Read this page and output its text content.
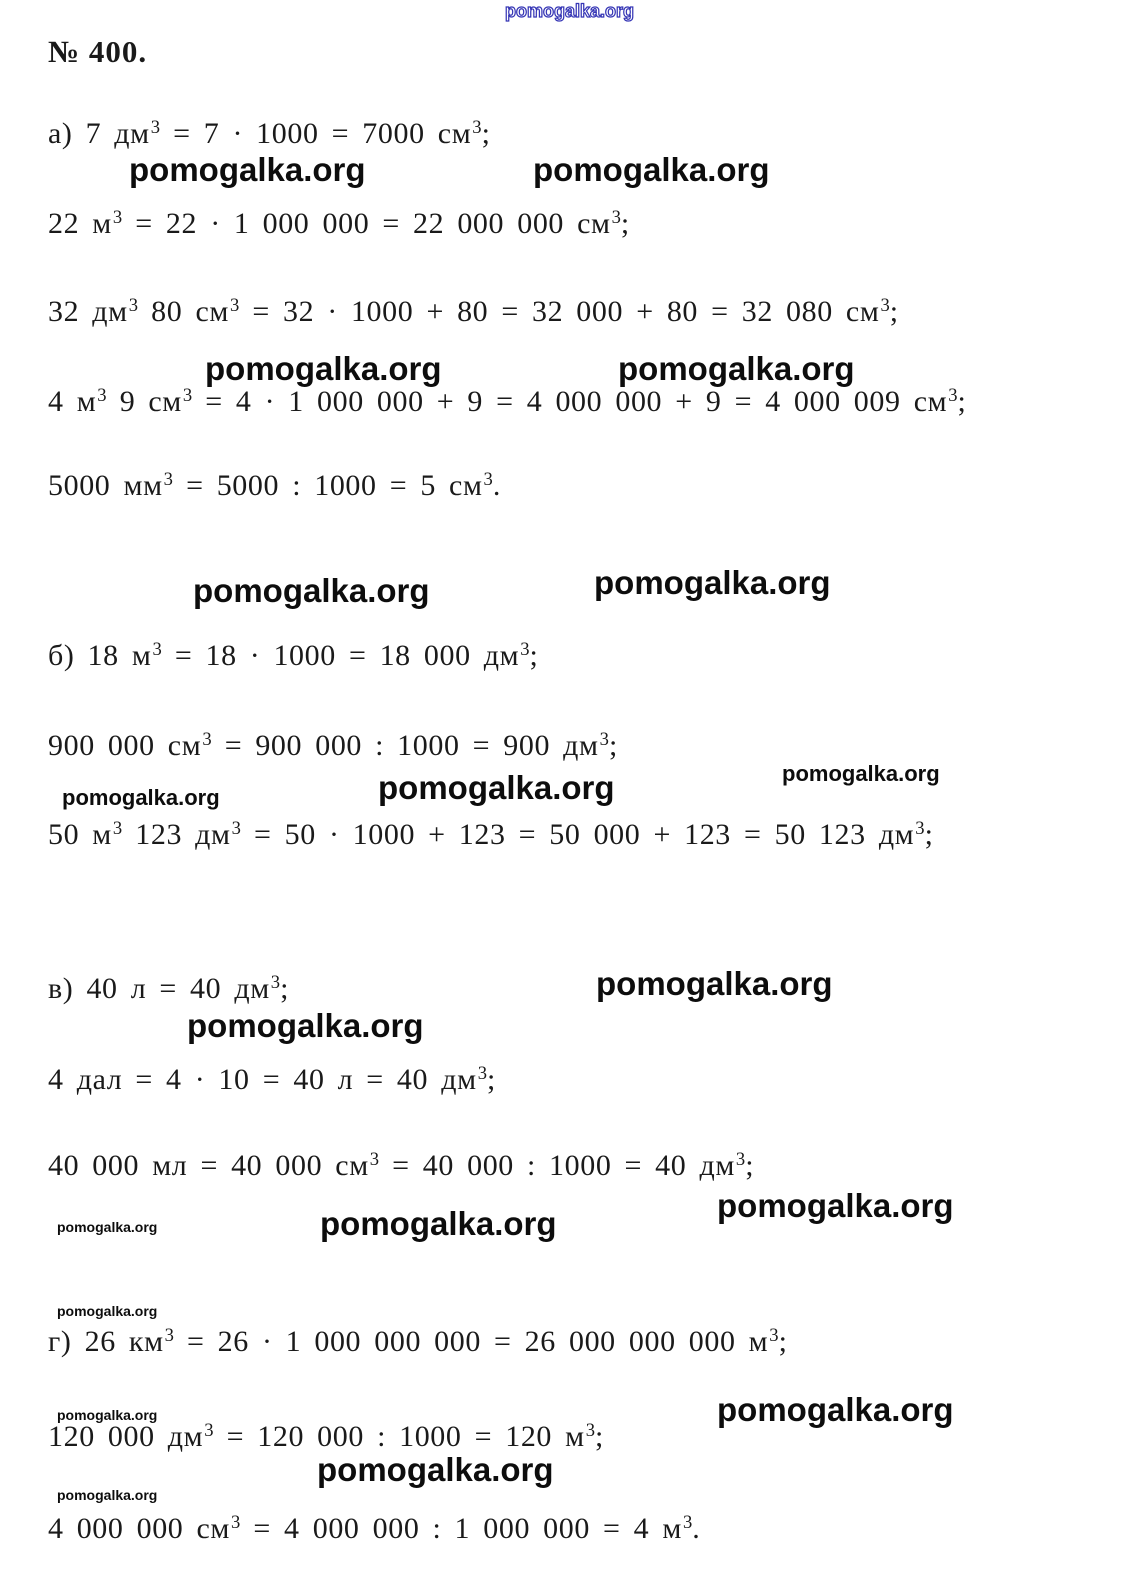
pomogalka.org
№ 400.
а) 7 $дм^3 = 7 \cdot 1000 = 7000$ $см^3$;
pomogalka.org	pomogalka.org
22 $м^3 = 22 \cdot 1$ 000 000 = 22 000 000 $см^3$;
32 $дм^3$ 80 $см^3 = 32 \cdot 1000 + 80 = 32$ 000 + 80 = 32 080 $см^3$;
pomogalka.org	pomogalka.org
4 $м^3$ 9 $см^3 = 4 \cdot 1$ 000 000 + 9 = 4 000 000 + 9 = 4 000 009 $см^3$;
5000 $мм^3 = 5000$ : 1000 = 5 $см^3$.
pomogalka.org	pomogalka.org
б) 18 $м^3 = 18 \cdot 1000 = 18$ 000 $дм^3$;
900 000 $см^3 = 900$ 000 : 1000 = 900 $дм^3$;
pomogalka.org	pomogalka.org	pomogalka.org
50 $м^3$ 123 $дм^3 = 50 \cdot 1000 + 123 = 50$ 000 + 123 = 50 123 $дм^3$;
в) 40 л = 40 $дм^3$;	pomogalka.org
pomogalka.org
4 дал = 4 · 10 = 40 л = 40 $дм^3$;
40 000 мл = 40 000 $см^3 = 40$ 000 : 1000 = 40 $дм^3$;
pomogalka.org	pomogalka.org	pomogalka.org
pomogalka.org
г) 26 $км^3 = 26 \cdot 1$ 000 000 000 = 26 000 000 000 $м^3$;
pomogalka.org	pomogalka.org
120 000 $дм^3 = 120$ 000 : 1000 = 120 $м^3$;
pomogalka.org
pomogalka.org
4 000 000 $см^3 = 4$ 000 000 : 1 000 000 = 4 $м^3$.
